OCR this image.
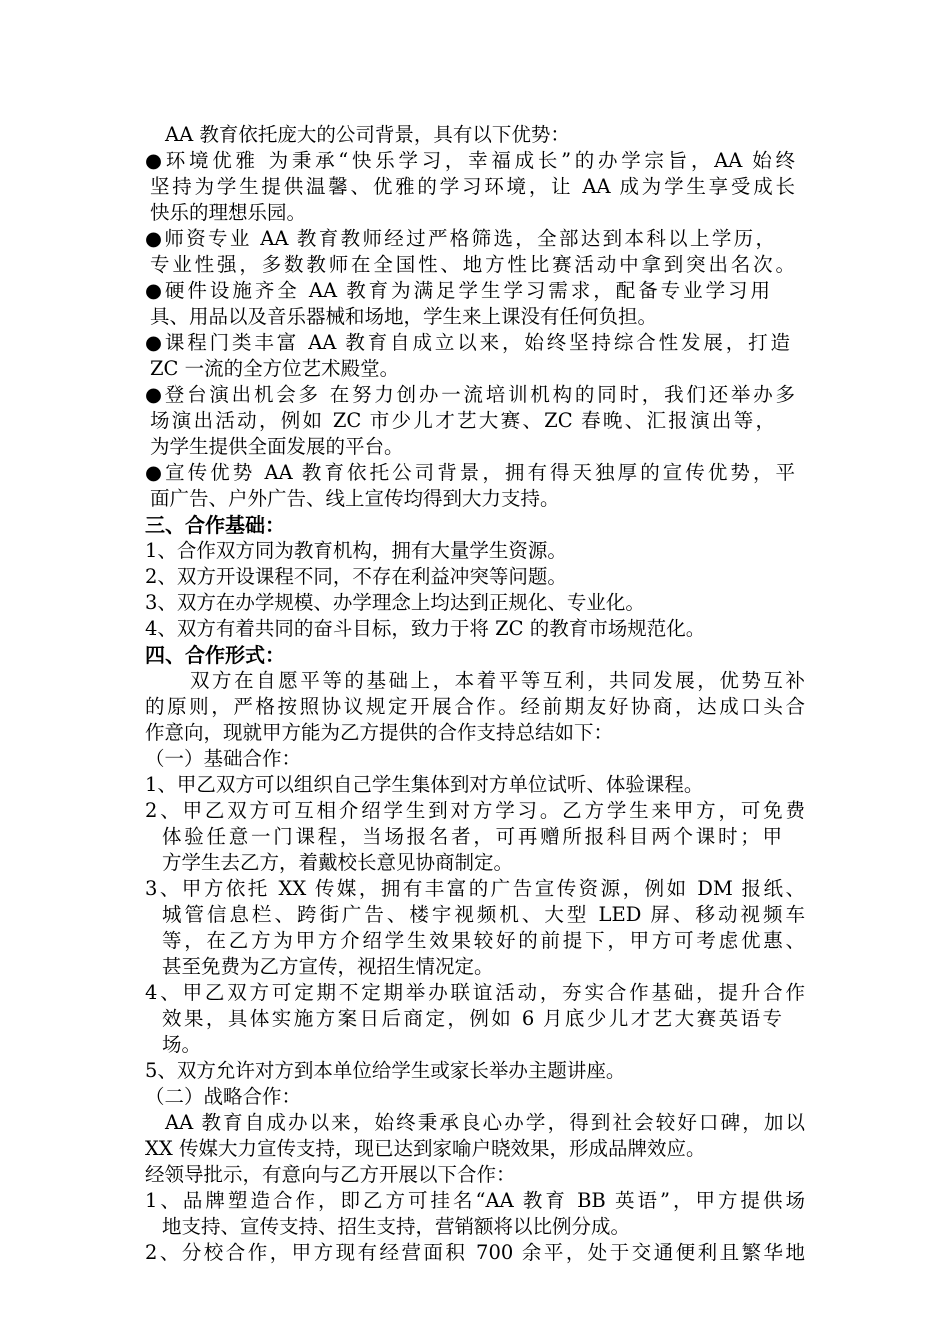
AA 教育依托庞大的公司背景，具有以下优势：
●环境优雅 为秉承“快乐学习，幸福成长”的办学宗旨，AA 始终
坚持为学生提供温馨、优雅的学习环境，让 AA 成为学生享受成长
快乐的理想乐园。
●师资专业 AA 教育教师经过严格筛选，全部达到本科以上学历，
专业性强，多数教师在全国性、地方性比赛活动中拿到突出名次。
●硬件设施齐全 AA 教育为满足学生学习需求，配备专业学习用
具、用品以及音乐器械和场地，学生来上课没有任何负担。
●课程门类丰富 AA 教育自成立以来，始终坚持综合性发展，打造
ZC 一流的全方位艺术殿堂。
●登台演出机会多 在努力创办一流培训机构的同时，我们还举办多
场演出活动，例如 ZC 市少儿才艺大赛、ZC 春晚、汇报演出等，
为学生提供全面发展的平台。
●宣传优势 AA 教育依托公司背景，拥有得天独厚的宣传优势，平
面广告、户外广告、线上宣传均得到大力支持。
三、合作基础：
1、合作双方同为教育机构，拥有大量学生资源。
2、双方开设课程不同，不存在利益冲突等问题。
3、双方在办学规模、办学理念上均达到正规化、专业化。
4、双方有着共同的奋斗目标，致力于将 ZC 的教育市场规范化。
四、合作形式：
双方在自愿平等的基础上，本着平等互利，共同发展，优势互补
的原则，严格按照协议规定开展合作。经前期友好协商，达成口头合
作意向，现就甲方能为乙方提供的合作支持总结如下：
（一）基础合作：
1、甲乙双方可以组织自己学生集体到对方单位试听、体验课程。
2、甲乙双方可互相介绍学生到对方学习。乙方学生来甲方，可免费
体验任意一门课程，当场报名者，可再赠所报科目两个课时；甲
方学生去乙方，着戴校长意见协商制定。
3、甲方依托 XX 传媒，拥有丰富的广告宣传资源，例如 DM 报纸、
城管信息栏、跨街广告、楼宇视频机、大型 LED 屏、移动视频车
等，在乙方为甲方介绍学生效果较好的前提下，甲方可考虑优惠、
甚至免费为乙方宣传，视招生情况定。
4、甲乙双方可定期不定期举办联谊活动，夯实合作基础，提升合作
效果，具体实施方案日后商定，例如 6 月底少儿才艺大赛英语专
场。
5、双方允许对方到本单位给学生或家长举办主题讲座。
（二）战略合作：
AA 教育自成办以来，始终秉承良心办学，得到社会较好口碑，加以
XX 传媒大力宣传支持，现已达到家喻户晓效果，形成品牌效应。
经领导批示，有意向与乙方开展以下合作：
1、品牌塑造合作，即乙方可挂名“AA 教育 BB 英语”，甲方提供场
地支持、宣传支持、招生支持，营销额将以比例分成。
2、分校合作，甲方现有经营面积 700 余平，处于交通便利且繁华地
